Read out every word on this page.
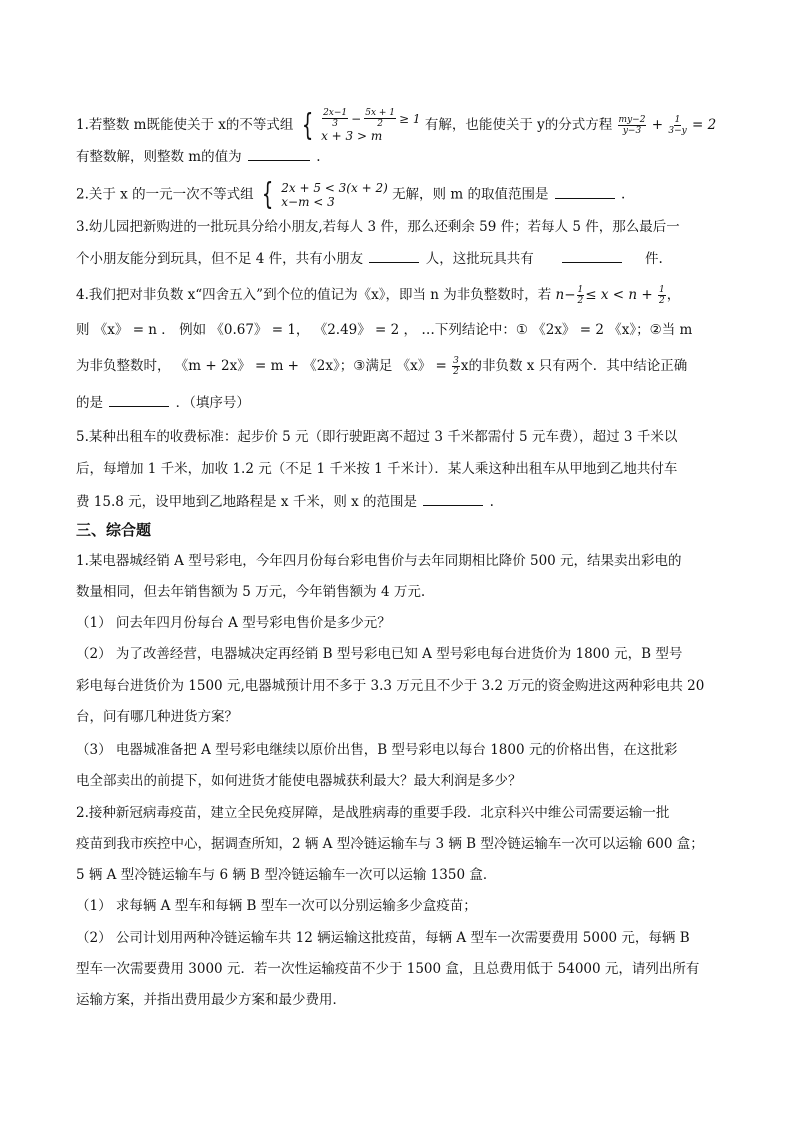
1.若整数 m既能使关于 x的不等式组 { $\frac{2x-1}{3} - \frac{5x + 1}{2} \ge 1$
x + 3 > m
有解，也能使关于 y的分式方程 $\frac{my-2}{y-3} + \frac{1}{3-y} = 2$
有整数解，则整数 m的值为	.
2.关于 x 的一元一次不等式组 { 2x + 5 < 3(x + 2)
x−m < 3	无解，则 m 的取值范围是	.
3.幼儿园把新购进的一批玩具分给小朋友,若每人 3 件，那么还剩余 59 件；若每人 5 件，那么最后一
个小朋友能分到玩具，但不足 4 件，共有小朋友	人，这批玩具共有	件.
4.我们把对非负数 x“四舍五入”到个位的值记为《x》，即当 n 为非负整数时，若 $n- \frac{1}{2} \le x < n + \frac{1}{2}$ ，
则 《x》 = n ． 例如 《0.67》 = 1， 《2.49》 = 2 ， …下列结论中：① 《2x》 = 2 《x》；②当 m
为非负整数时， 《m + 2x》 = m + 《2x》；③满足 《x》 = $\frac{3}{2}$ x的非负数 x 只有两个．其中结论正确
的是	．（填序号）
5.某种出租车的收费标准：起步价 5 元（即行驶距离不超过 3 千米都需付 5 元车费），超过 3 千米以
后，每增加 1 千米，加收 1.2 元（不足 1 千米按 1 千米计）．某人乘这种出租车从甲地到乙地共付车
费 15.8 元，设甲地到乙地路程是 x 千米，则 x 的范围是	.
三、综合题
1.某电器城经销 A 型号彩电，今年四月份每台彩电售价与去年同期相比降价 500 元，结果卖出彩电的
数量相同，但去年销售额为 5 万元，今年销售额为 4 万元.
（1） 问去年四月份每台 A 型号彩电售价是多少元？
（2） 为了改善经营，电器城决定再经销 B 型号彩电已知 A 型号彩电每台进货价为 1800 元，B 型号
彩电每台进货价为 1500 元,电器城预计用不多于 3.3 万元且不少于 3.2 万元的资金购进这两种彩电共 20
台，问有哪几种进货方案？
（3） 电器城准备把 A 型号彩电继续以原价出售，B 型号彩电以每台 1800 元的价格出售，在这批彩
电全部卖出的前提下，如何进货才能使电器城获利最大？最大利润是多少？
2.接种新冠病毒疫苗，建立全民免疫屏障，是战胜病毒的重要手段．北京科兴中维公司需要运输一批
疫苗到我市疾控中心，据调查所知，2 辆 A 型冷链运输车与 3 辆 B 型冷链运输车一次可以运输 600 盒；
5 辆 A 型冷链运输车与 6 辆 B 型冷链运输车一次可以运输 1350 盒．
（1） 求每辆 A 型车和每辆 B 型车一次可以分别运输多少盒疫苗；
（2） 公司计划用两种冷链运输车共 12 辆运输这批疫苗，每辆 A 型车一次需要费用 5000 元，每辆 B
型车一次需要费用 3000 元．若一次性运输疫苗不少于 1500 盒，且总费用低于 54000 元，请列出所有
运输方案，并指出费用最少方案和最少费用．
